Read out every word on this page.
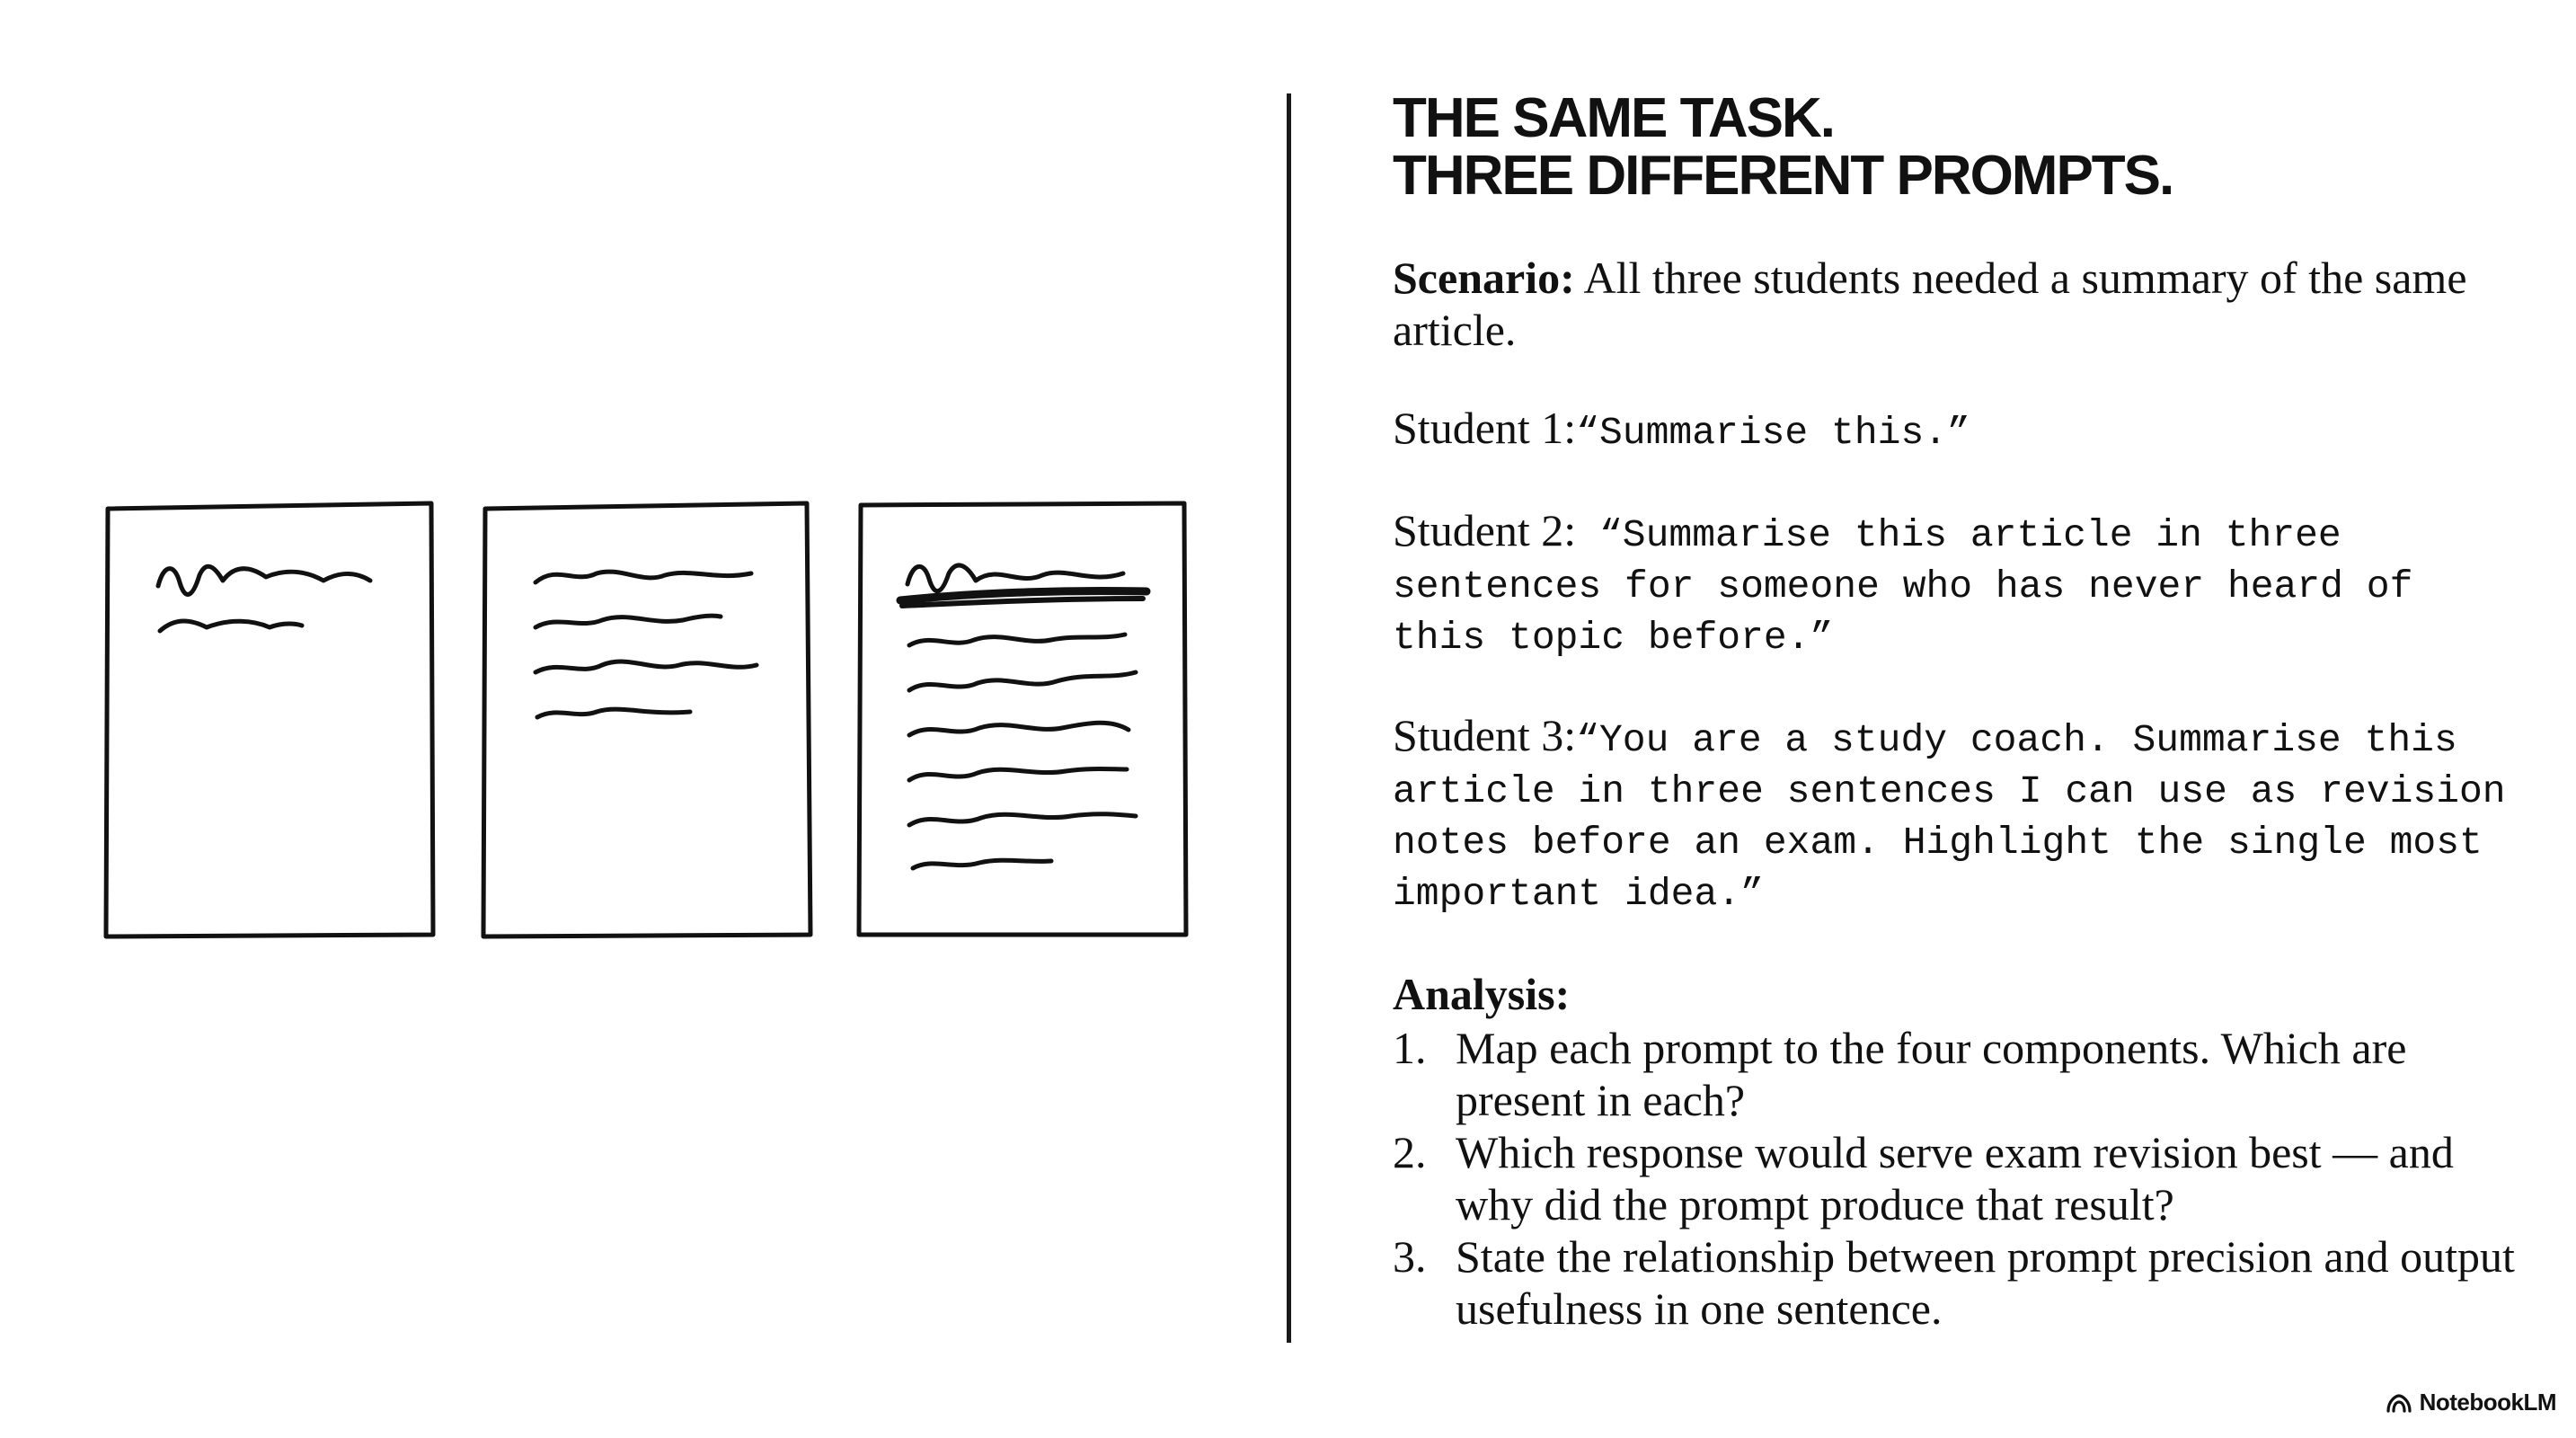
THE SAME TASK.
THREE DIFFERENT PROMPTS.

Scenario: All three students needed a summary of the same article.

Student 1:“Summarise this.”

Student 2: “Summarise this article in three sentences for someone who has never heard of this topic before.”

Student 3:“You are a study coach. Summarise this article in three sentences I can use as revision notes before an exam. Highlight the single most important idea.”

Analysis:

1. Map each prompt to the four components. Which are present in each?
2. Which response would serve exam revision best — and why did the prompt produce that result?
3. State the relationship between prompt precision and output usefulness in one sentence.
NotebookLM
